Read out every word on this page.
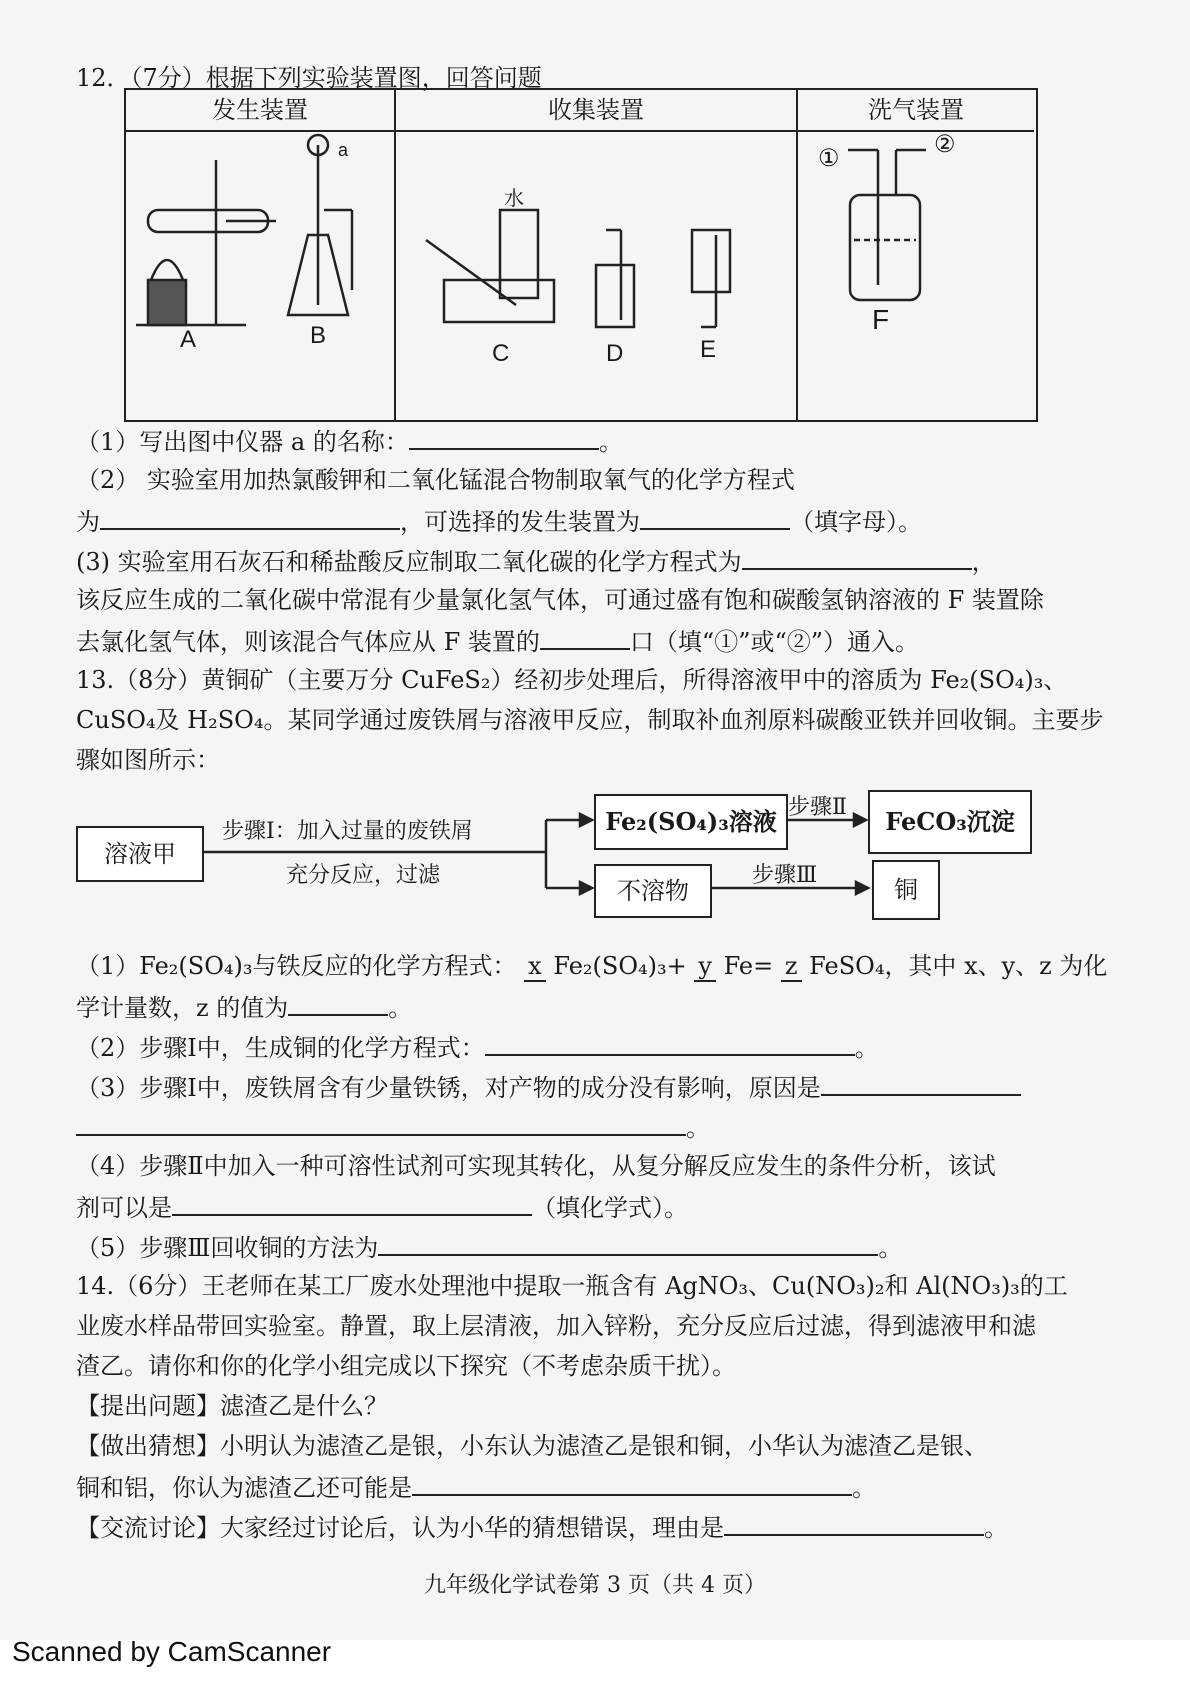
12．（7分）根据下列实验装置图，回答问题
发生装置	收集装置	洗气装置
a
A	B
水
C	D	E
①
②
F
（1）写出图中仪器 a 的名称：	。
（2） 实验室用加热氯酸钾和二氧化锰混合物制取氧气的化学方程式
为	，可选择的发生装置为	（填字母）。
(3) 实验室用石灰石和稀盐酸反应制取二氧化碳的化学方程式为	，
该反应生成的二氧化碳中常混有少量氯化氢气体，可通过盛有饱和碳酸氢钠溶液的 F 装置除
去氯化氢气体，则该混合气体应从 F 装置的	口（填“①”或“②”）通入。
13.（8分）黄铜矿（主要万分 CuFeS₂）经初步处理后，所得溶液甲中的溶质为 Fe₂(SO₄)₃、
CuSO₄及 H₂SO₄。某同学通过废铁屑与溶液甲反应，制取补血剂原料碳酸亚铁并回收铜。主要步
骤如图所示：
溶液甲
步骤Ⅰ：加入过量的废铁屑
充分反应，过滤
Fe₂(SO₄)₃溶液 步骤Ⅱ	FeCO₃沉淀
不溶物
步骤Ⅲ
铜
（1）Fe₂(SO₄)₃与铁反应的化学方程式： x Fe₂(SO₄)₃+ y Fe= z FeSO₄，其中 x、y、z 为化
学计量数，z 的值为	。
（2）步骤Ⅰ中，生成铜的化学方程式：	。
（3）步骤Ⅰ中，废铁屑含有少量铁锈，对产物的成分没有影响，原因是
。
（4）步骤Ⅱ中加入一种可溶性试剂可实现其转化，从复分解反应发生的条件分析，该试
剂可以是	（填化学式）。
（5）步骤Ⅲ回收铜的方法为	。
14.（6分）王老师在某工厂废水处理池中提取一瓶含有 AgNO₃、Cu(NO₃)₂和 Al(NO₃)₃的工
业废水样品带回实验室。静置，取上层清液，加入锌粉，充分反应后过滤，得到滤液甲和滤
渣乙。请你和你的化学小组完成以下探究（不考虑杂质干扰）。
【提出问题】滤渣乙是什么？
【做出猜想】小明认为滤渣乙是银，小东认为滤渣乙是银和铜，小华认为滤渣乙是银、
铜和铝，你认为滤渣乙还可能是	。
【交流讨论】大家经过讨论后，认为小华的猜想错误，理由是	。
九年级化学试卷第 3 页（共 4 页）
Scanned by CamScanner
